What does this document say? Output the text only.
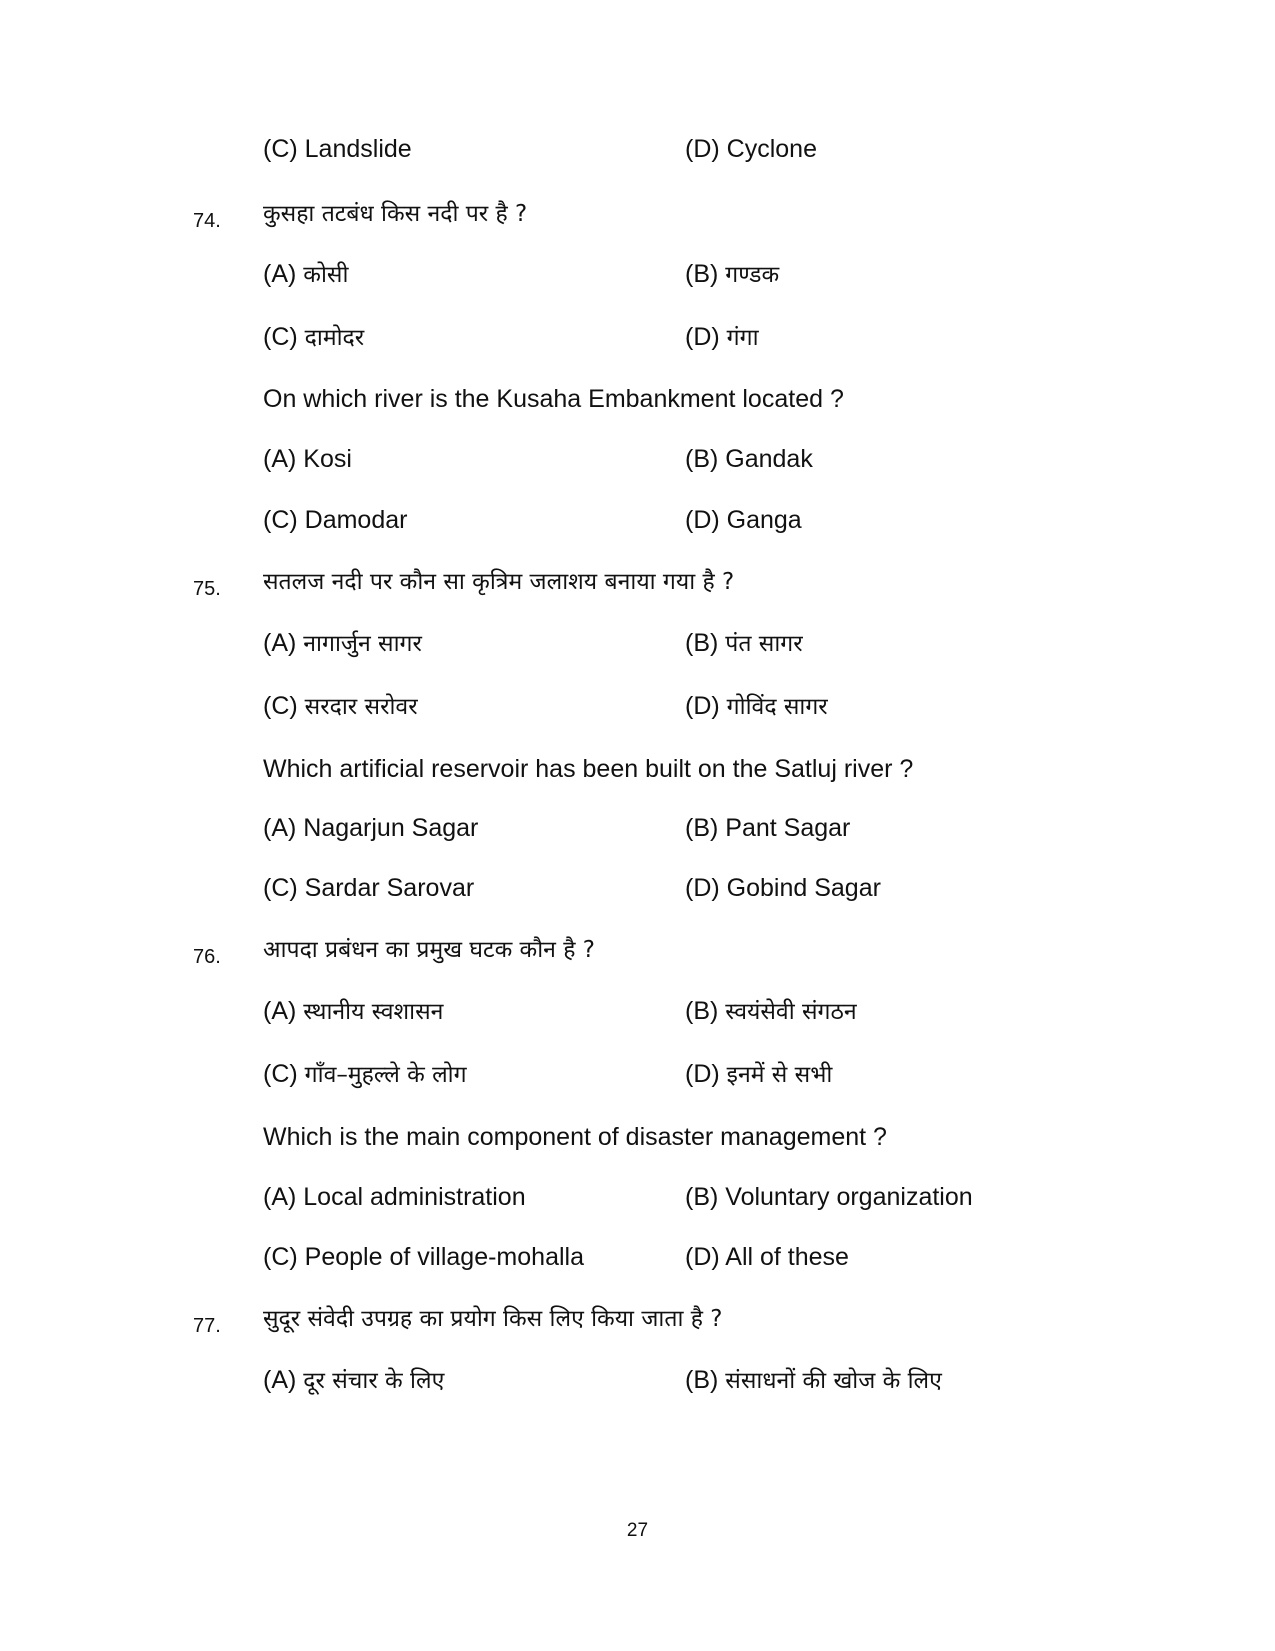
(C) Landslide	(D) Cyclone
74. कुसहा तटबंध किस नदी पर है ?
(A) कोसी	(B) गण्डक
(C) दामोदर	(D) गंगा
On which river is the Kusaha Embankment located ?
(A) Kosi	(B) Gandak
(C) Damodar	(D) Ganga
75. सतलज नदी पर कौन सा कृत्रिम जलाशय बनाया गया है ?
(A) नागार्जुन सागर	(B) पंत सागर
(C) सरदार सरोवर	(D) गोविंद सागर
Which artificial reservoir has been built on the Satluj river ?
(A) Nagarjun Sagar	(B) Pant Sagar
(C) Sardar Sarovar	(D) Gobind Sagar
76. आपदा प्रबंधन का प्रमुख घटक कौन है ?
(A) स्थानीय स्वशासन	(B) स्वयंसेवी संगठन
(C) गाँव–मुहल्ले के लोग	(D) इनमें से सभी
Which is the main component of disaster management ?
(A) Local administration	(B) Voluntary organization
(C) People of village-mohalla	(D) All of these
77. सुदूर संवेदी उपग्रह का प्रयोग किस लिए किया जाता है ?
(A) दूर संचार के लिए	(B) संसाधनों की खोज के लिए
27
